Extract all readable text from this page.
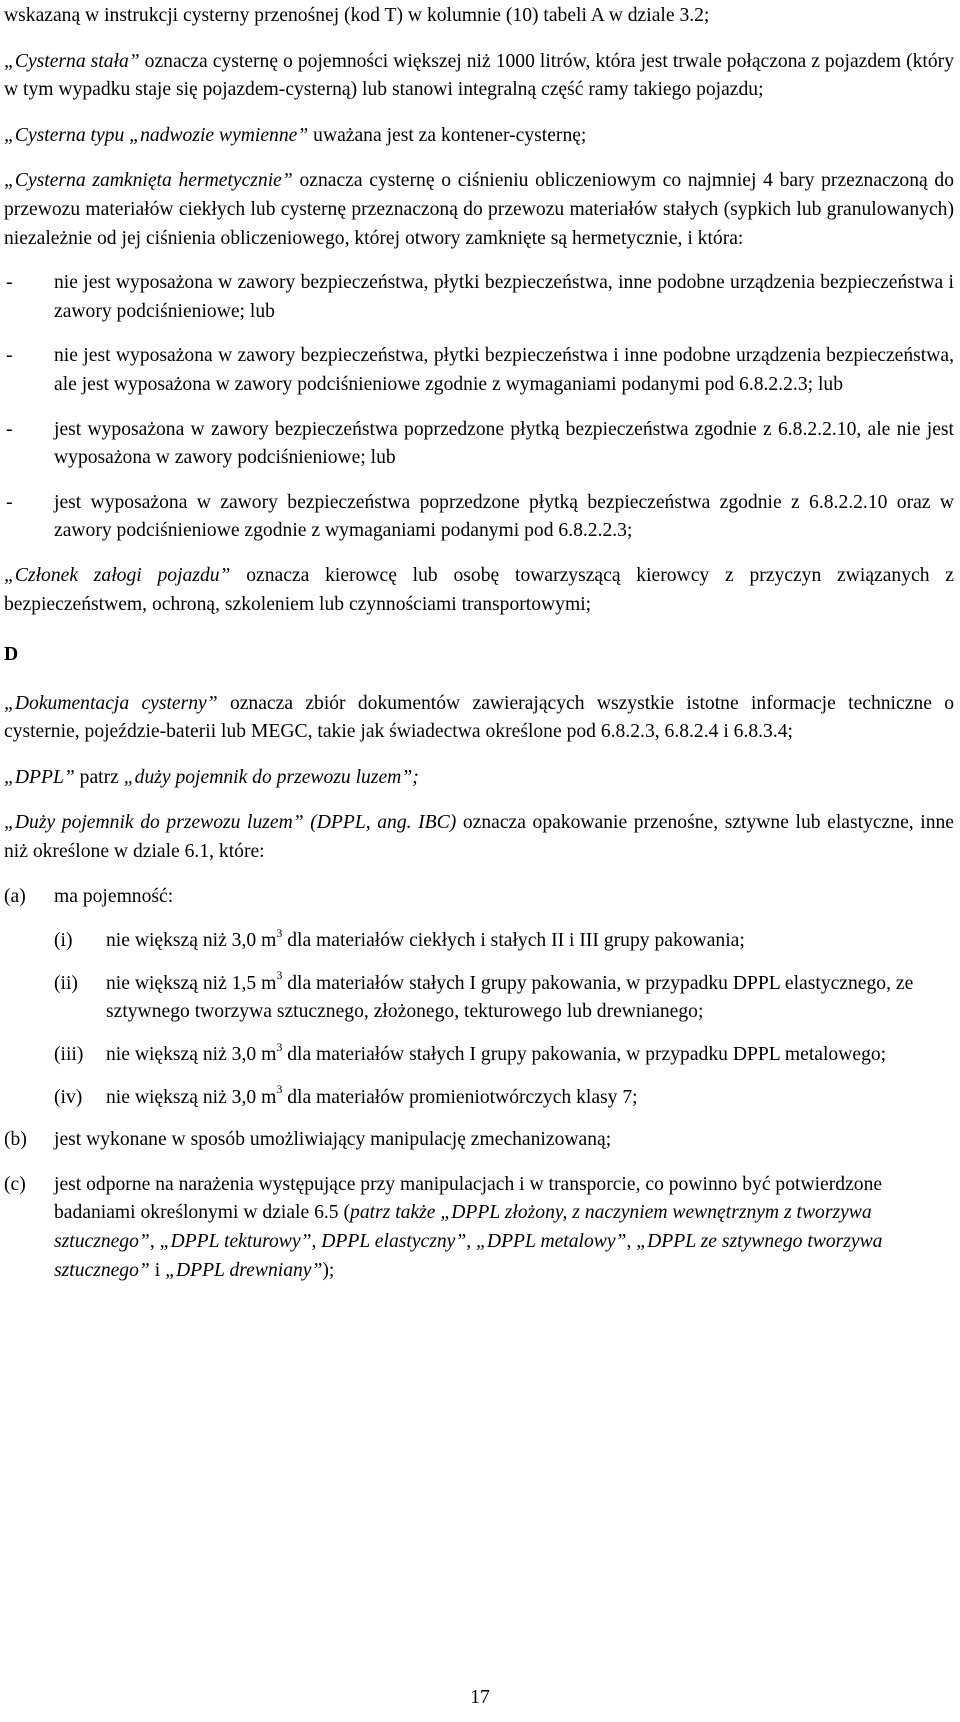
wskazaną w instrukcji cysterny przenośnej (kod T) w kolumnie (10) tabeli A w dziale 3.2;

„Cysterna stała” oznacza cysternę o pojemności większej niż 1000 litrów, która jest trwale połączona z pojazdem (który w tym wypadku staje się pojazdem-cysterną) lub stanowi integralną część ramy takiego pojazdu;

„Cysterna typu „nadwozie wymienne” uważana jest za kontener-cysternę;

„Cysterna zamknięta hermetycznie” oznacza cysternę o ciśnieniu obliczeniowym co najmniej 4 bary przeznaczoną do przewozu materiałów ciekłych lub cysternę przeznaczoną do przewozu materiałów stałych (sypkich lub granulowanych) niezależnie od jej ciśnienia obliczeniowego, której otwory zamknięte są hermetycznie, i która:

- nie jest wyposażona w zawory bezpieczeństwa, płytki bezpieczeństwa, inne podobne urządzenia bezpieczeństwa i zawory podciśnieniowe; lub
- nie jest wyposażona w zawory bezpieczeństwa, płytki bezpieczeństwa i inne podobne urządzenia bezpieczeństwa, ale jest wyposażona w zawory podciśnieniowe zgodnie z wymaganiami podanymi pod 6.8.2.2.3; lub
- jest wyposażona w zawory bezpieczeństwa poprzedzone płytką bezpieczeństwa zgodnie z 6.8.2.2.10, ale nie jest wyposażona w zawory podciśnieniowe; lub
- jest wyposażona w zawory bezpieczeństwa poprzedzone płytką bezpieczeństwa zgodnie z 6.8.2.2.10 oraz w zawory podciśnieniowe zgodnie z wymaganiami podanymi pod 6.8.2.2.3;

„Członek załogi pojazdu” oznacza kierowcę lub osobę towarzyszącą kierowcy z przyczyn związanych z bezpieczeństwem, ochroną, szkoleniem lub czynnościami transportowymi;

D

„Dokumentacja cysterny” oznacza zbiór dokumentów zawierających wszystkie istotne informacje techniczne o cysternie, pojeździe-baterii lub MEGC, takie jak świadectwa określone pod 6.8.2.3, 6.8.2.4 i 6.8.3.4;

„DPPL” patrz „duży pojemnik do przewozu luzem”;

„Duży pojemnik do przewozu luzem” (DPPL, ang. IBC) oznacza opakowanie przenośne, sztywne lub elastyczne, inne niż określone w dziale 6.1, które:

(a) ma pojemność:
(i) nie większą niż 3,0 $m^3$ dla materiałów ciekłych i stałych II i III grupy pakowania;
(ii) nie większą niż 1,5 $m^3$ dla materiałów stałych I grupy pakowania, w przypadku DPPL elastycznego, ze sztywnego tworzywa sztucznego, złożonego, tekturowego lub drewnianego;
(iii) nie większą niż 3,0 $m^3$ dla materiałów stałych I grupy pakowania, w przypadku DPPL metalowego;
(iv) nie większą niż 3,0 $m^3$ dla materiałów promieniotwórczych klasy 7;
(b) jest wykonane w sposób umożliwiający manipulację zmechanizowaną;
(c) jest odporne na narażenia występujące przy manipulacjach i w transporcie, co powinno być potwierdzone badaniami określonymi w dziale 6.5 (patrz także „DPPL złożony, z naczyniem wewnętrznym z tworzywa sztucznego”, „DPPL tekturowy”, DPPL elastyczny”, „DPPL metalowy”, „DPPL ze sztywnego tworzywa sztucznego” i „DPPL drewniany”);
17
